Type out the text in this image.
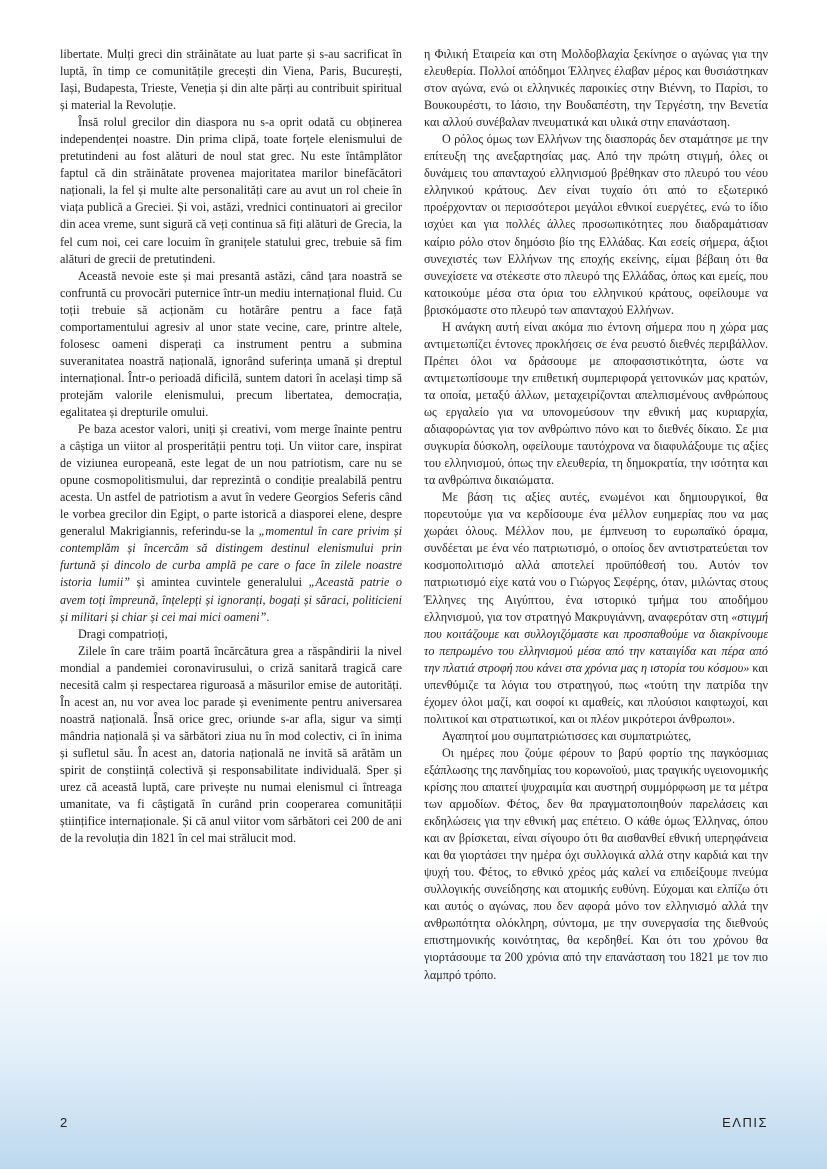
libertate. Mulți greci din străinătate au luat parte și s-au sacrificat în luptă, în timp ce comunitățile grecești din Viena, Paris, București, Iași, Budapesta, Trieste, Veneția și din alte părți au contribuit spiritual și material la Revoluție.

Însă rolul grecilor din diaspora nu s-a oprit odată cu obținerea independenței noastre. Din prima clipă, toate forțele elenismului de pretutindeni au fost alături de noul stat grec. Nu este întâmplător faptul că din străinătate provenea majoritatea marilor binefăcători naționali, la fel și multe alte personalități care au avut un rol cheie în viața publică a Greciei. Și voi, astăzi, vrednici continuatori ai grecilor din acea vreme, sunt sigură că veți continua să fiți alături de Grecia, la fel cum noi, cei care locuim în granițele statului grec, trebuie să fim alături de grecii de pretutindeni.

Această nevoie este și mai presantă astăzi, când țara noastră se confruntă cu provocări puternice într-un mediu internațional fluid. Cu toții trebuie să acționăm cu hotărâre pentru a face față comportamentului agresiv al unor state vecine, care, printre altele, folosesc oameni disperați ca instrument pentru a submina suveranitatea noastră națională, ignorând suferința umană și dreptul internațional. Într-o perioadă dificilă, suntem datori în același timp să protejăm valorile elenismului, precum libertatea, democrația, egalitatea și drepturile omului.

Pe baza acestor valori, uniți și creativi, vom merge înainte pentru a câștiga un viitor al prosperității pentru toți. Un viitor care, inspirat de viziunea europeană, este legat de un nou patriotism, care nu se opune cosmopolitismului, dar reprezintă o condiție prealabilă pentru acesta. Un astfel de patriotism a avut în vedere Georgios Seferis când le vorbea grecilor din Egipt, o parte istorică a diasporei elene, despre generalul Makrigiannis, referindu-se la „momentul în care privim și contemplăm și încercăm să distingem destinul elenismului prin furtună și dincolo de curba amplă pe care o face în zilele noastre istoria lumii” și amintea cuvintele generalului „Această patrie o avem toți împreună, înțelepți și ignoranți, bogați și săraci, politicieni și militari și chiar și cei mai mici oameni”.

Dragi compatrioți,

Zilele în care trăim poartă încărcătura grea a răspândirii la nivel mondial a pandemiei coronavirusului, o criză sanitară tragică care necesită calm și respectarea riguroasă a măsurilor emise de autorități. În acest an, nu vor avea loc parade și evenimente pentru aniversarea noastră națională. Însă orice grec, oriunde s-ar afla, sigur va simți mândria națională și va sărbători ziua nu în mod colectiv, ci în inima și sufletul său. În acest an, datoria națională ne invită să arătăm un spirit de conștiință colectivă și responsabilitate individuală. Sper și urez că această luptă, care privește nu numai elenismul ci întreaga umanitate, va fi câștigată în curând prin cooperarea comunității științifice internaționale. Și că anul viitor vom sărbători cei 200 de ani de la revoluția din 1821 în cel mai strălucit mod.

η Φιλική Εταιρεία και στη Μολδοβλαχία ξεκίνησε ο αγώνας για την ελευθερία. Πολλοί απόδημοι Έλληνες έλαβαν μέρος και θυσιάστηκαν στον αγώνα, ενώ οι ελληνικές παροικίες στην Βιέννη, το Παρίσι, το Βουκουρέστι, το Ιάσιο, την Βουδαπέστη, την Τεργέστη, την Βενετία και αλλού συνέβαλαν πνευματικά και υλικά στην επανάσταση.

Ο ρόλος όμως των Ελλήνων της διασποράς δεν σταμάτησε με την επίτευξη της ανεξαρτησίας μας. Από την πρώτη στιγμή, όλες οι δυνάμεις του απανταχού ελληνισμού βρέθηκαν στο πλευρό του νέου ελληνικού κράτους. Δεν είναι τυχαίο ότι από το εξωτερικό προέρχονταν οι περισσότεροι μεγάλοι εθνικοί ευεργέτες, ενώ το ίδιο ισχύει και για πολλές άλλες προσωπικότητες που διαδραμάτισαν καίριο ρόλο στον δημόσιο βίο της Ελλάδας. Και εσείς σήμερα, άξιοι συνεχιστές των Ελλήνων της εποχής εκείνης, είμαι βέβαιη ότι θα συνεχίσετε να στέκεστε στο πλευρό της Ελλάδας, όπως και εμείς, που κατοικούμε μέσα στα όρια του ελληνικού κράτους, οφείλουμε να βρισκόμαστε στο πλευρό των απανταχού Ελλήνων.

Η ανάγκη αυτή είναι ακόμα πιο έντονη σήμερα που η χώρα μας αντιμετωπίζει έντονες προκλήσεις σε ένα ρευστό διεθνές περιβάλλον. Πρέπει όλοι να δράσουμε με αποφασιστικότητα, ώστε να αντιμετωπίσουμε την επιθετική συμπεριφορά γειτονικών μας κρατών, τα οποία, μεταξύ άλλων, μεταχειρίζονται απελπισμένους ανθρώπους ως εργαλείο για να υπονομεύσουν την εθνική μας κυριαρχία, αδιαφορώντας για τον ανθρώπινο πόνο και το διεθνές δίκαιο. Σε μια συγκυρία δύσκολη, οφείλουμε ταυτόχρονα να διαφυλάξουμε τις αξίες του ελληνισμού, όπως την ελευθερία, τη δημοκρατία, την ισότητα και τα ανθρώπινα δικαιώματα.

Με βάση τις αξίες αυτές, ενωμένοι και δημιουργικοί, θα πορευτούμε για να κερδίσουμε ένα μέλλον ευημερίας που να μας χωράει όλους. Μέλλον που, με έμπνευση το ευρωπαϊκό όραμα, συνδέεται με ένα νέο πατριωτισμό, ο οποίος δεν αντιστρατεύεται τον κοσμοπολιτισμό αλλά αποτελεί προϋπόθεσή του. Αυτόν τον πατριωτισμό είχε κατά νου ο Γιώργος Σεφέρης, όταν, μιλώντας στους Έλληνες της Αιγύπτου, ένα ιστορικό τμήμα του αποδήμου ελληνισμού, για τον στρατηγό Μακρυγιάννη, αναφερόταν στη «στιγμή που κοιτάζουμε και συλλογιζόμαστε και προσπαθούμε να διακρίνουμε το πεπρωμένο του ελληνισμού μέσα από την καταιγίδα και πέρα από την πλατιά στροφή που κάνει στα χρόνια μας η ιστορία του κόσμου» και υπενθύμιζε τα λόγια του στρατηγού, πως «τούτη την πατρίδα την έχομεν όλοι μαζί, και σοφοί κι αμαθείς, και πλούσιοι καιφτωχοί, και πολιτικοί και στρατιωτικοί, και οι πλέον μικρότεροι άνθρωποι».

Αγαπητοί μου συμπατριώτισσες και συμπατριώτες,

Οι ημέρες που ζούμε φέρουν το βαρύ φορτίο της παγκόσμιας εξάπλωσης της πανδημίας του κορωνοϊού, μιας τραγικής υγειονομικής κρίσης που απαιτεί ψυχραιμία και αυστηρή συμμόρφωση με τα μέτρα των αρμοδίων. Φέτος, δεν θα πραγματοποιηθούν παρελάσεις και εκδηλώσεις για την εθνική μας επέτειο. Ο κάθε όμως Έλληνας, όπου και αν βρίσκεται, είναι σίγουρο ότι θα αισθανθεί εθνική υπερηφάνεια και θα γιορτάσει την ημέρα όχι συλλογικά αλλά στην καρδιά και την ψυχή του. Φέτος, το εθνικό χρέος μάς καλεί να επιδείξουμε πνεύμα συλλογικής συνείδησης και ατομικής ευθύνη. Εύχομαι και ελπίζω ότι και αυτός ο αγώνας, που δεν αφορά μόνο τον ελληνισμό αλλά την ανθρωπότητα ολόκληρη, σύντομα, με την συνεργασία της διεθνούς επιστημονικής κοινότητας, θα κερδηθεί. Και ότι του χρόνου θα γιορτάσουμε τα 200 χρόνια από την επανάσταση του 1821 με τον πιο λαμπρό τρόπο.

2	ΕΛΠΙΣ
